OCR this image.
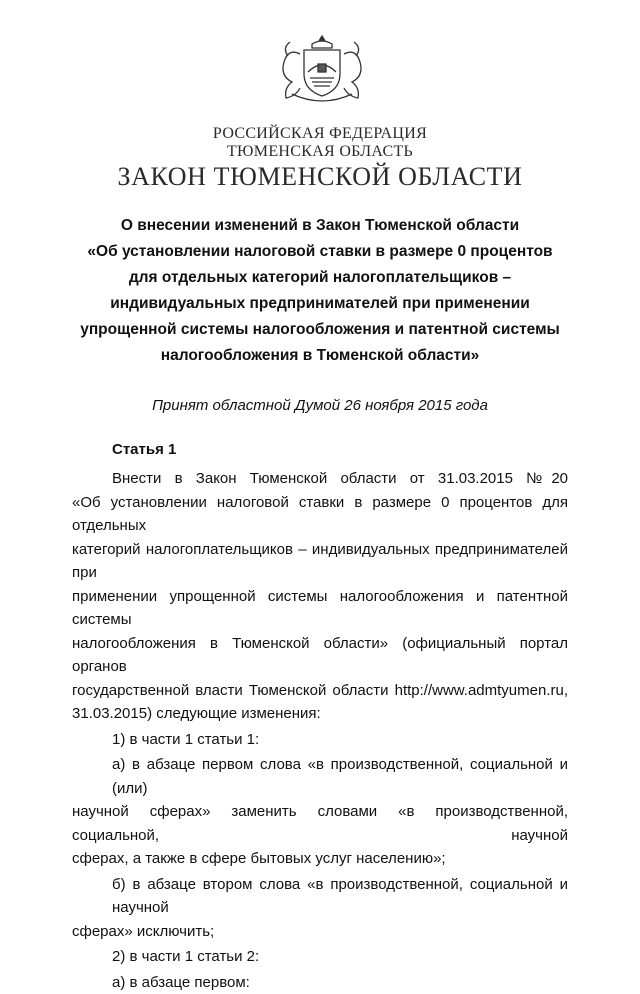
РОССИЙСКАЯ ФЕДЕРАЦИЯ
ТЮМЕНСКАЯ ОБЛАСТЬ
ЗАКОН ТЮМЕНСКОЙ ОБЛАСТИ
О внесении изменений в Закон Тюменской области
«Об установлении налоговой ставки в размере 0 процентов
для отдельных категорий налогоплательщиков –
индивидуальных предпринимателей при применении
упрощенной системы налогообложения и патентной системы
налогообложения в Тюменской области»
Принят областной Думой 26 ноября 2015 года
Статья 1
Внести в Закон Тюменской области от 31.03.2015 №20
«Об установлении налоговой ставки в размере 0 процентов для отдельных
категорий налогоплательщиков – индивидуальных предпринимателей при
применении упрощенной системы налогообложения и патентной системы
налогообложения в Тюменской области» (официальный портал органов
государственной власти Тюменской области http://www.admtyumen.ru,
31.03.2015) следующие изменения:
1) в части 1 статьи 1:
а) в абзаце первом слова «в производственной, социальной и (или)
научной сферах» заменить словами «в производственной, социальной, научной
сферах, а также в сфере бытовых услуг населению»;
б) в абзаце втором слова «в производственной, социальной и научной
сферах» исключить;
2) в части 1 статьи 2:
а) в абзаце первом:
